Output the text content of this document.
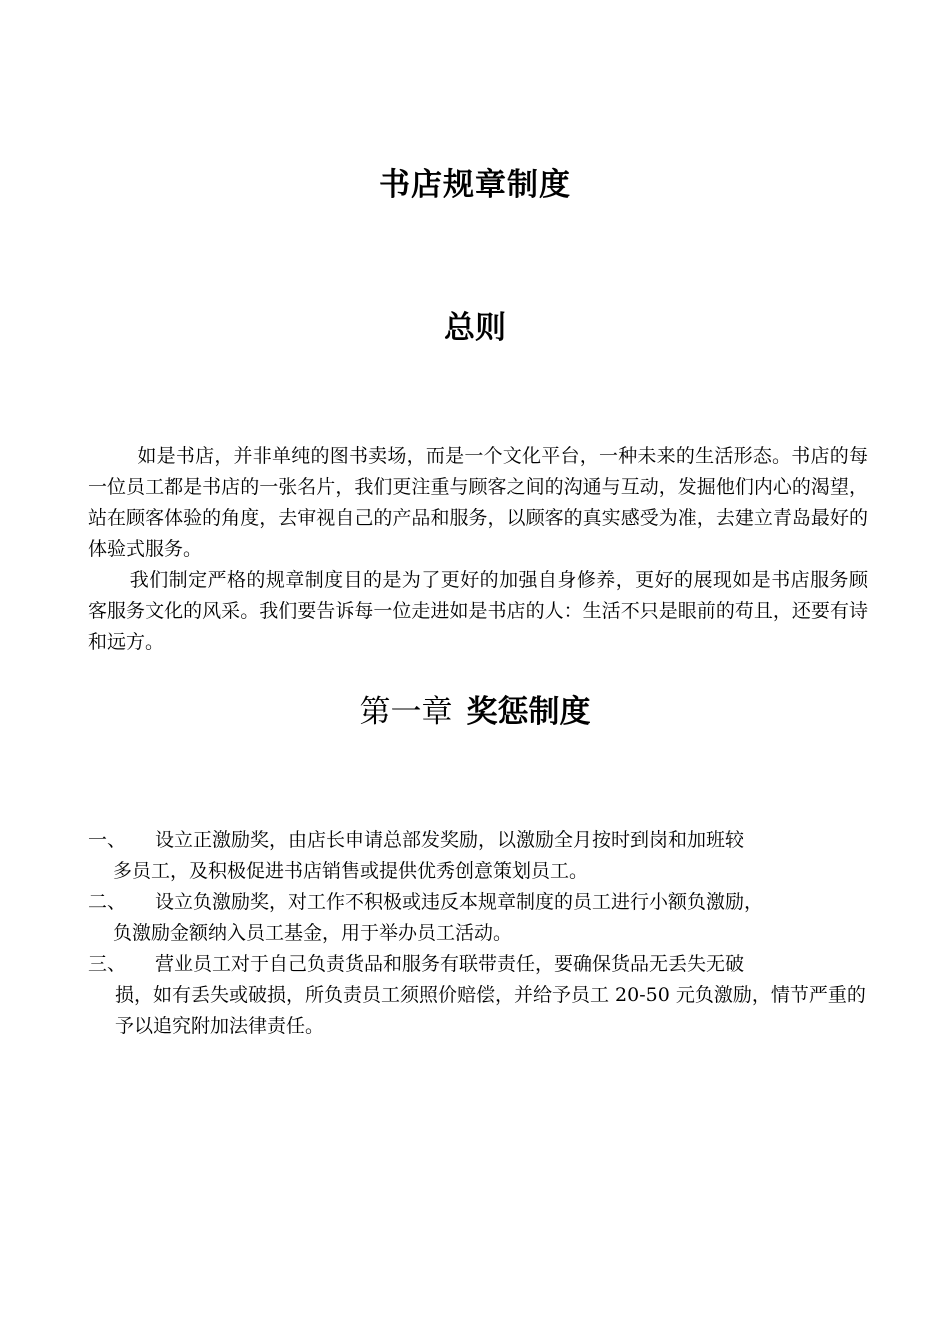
书店规章制度
总则

如是书店，并非单纯的图书卖场，而是一个文化平台，一种未来的生活形态。书店的每一位员工都是书店的一张名片，我们更注重与顾客之间的沟通与互动，发掘他们内心的渴望，站在顾客体验的角度，去审视自己的产品和服务，以顾客的真实感受为准，去建立青岛最好的体验式服务。

我们制定严格的规章制度目的是为了更好的加强自身修养，更好的展现如是书店服务顾客服务文化的风采。我们要告诉每一位走进如是书店的人：生活不只是眼前的苟且，还要有诗和远方。

第一章 奖惩制度
一、 设立正激励奖，由店长申请总部发奖励，以激励全月按时到岗和加班较
多员工，及积极促进书店销售或提供优秀创意策划员工。
二、 设立负激励奖，对工作不积极或违反本规章制度的员工进行小额负激励，
负激励金额纳入员工基金，用于举办员工活动。
三、 营业员工对于自己负责货品和服务有联带责任，要确保货品无丢失无破
损，如有丢失或破损，所负责员工须照价赔偿，并给予员工 20-50 元负激励，情节严重的予以追究附加法律责任。
